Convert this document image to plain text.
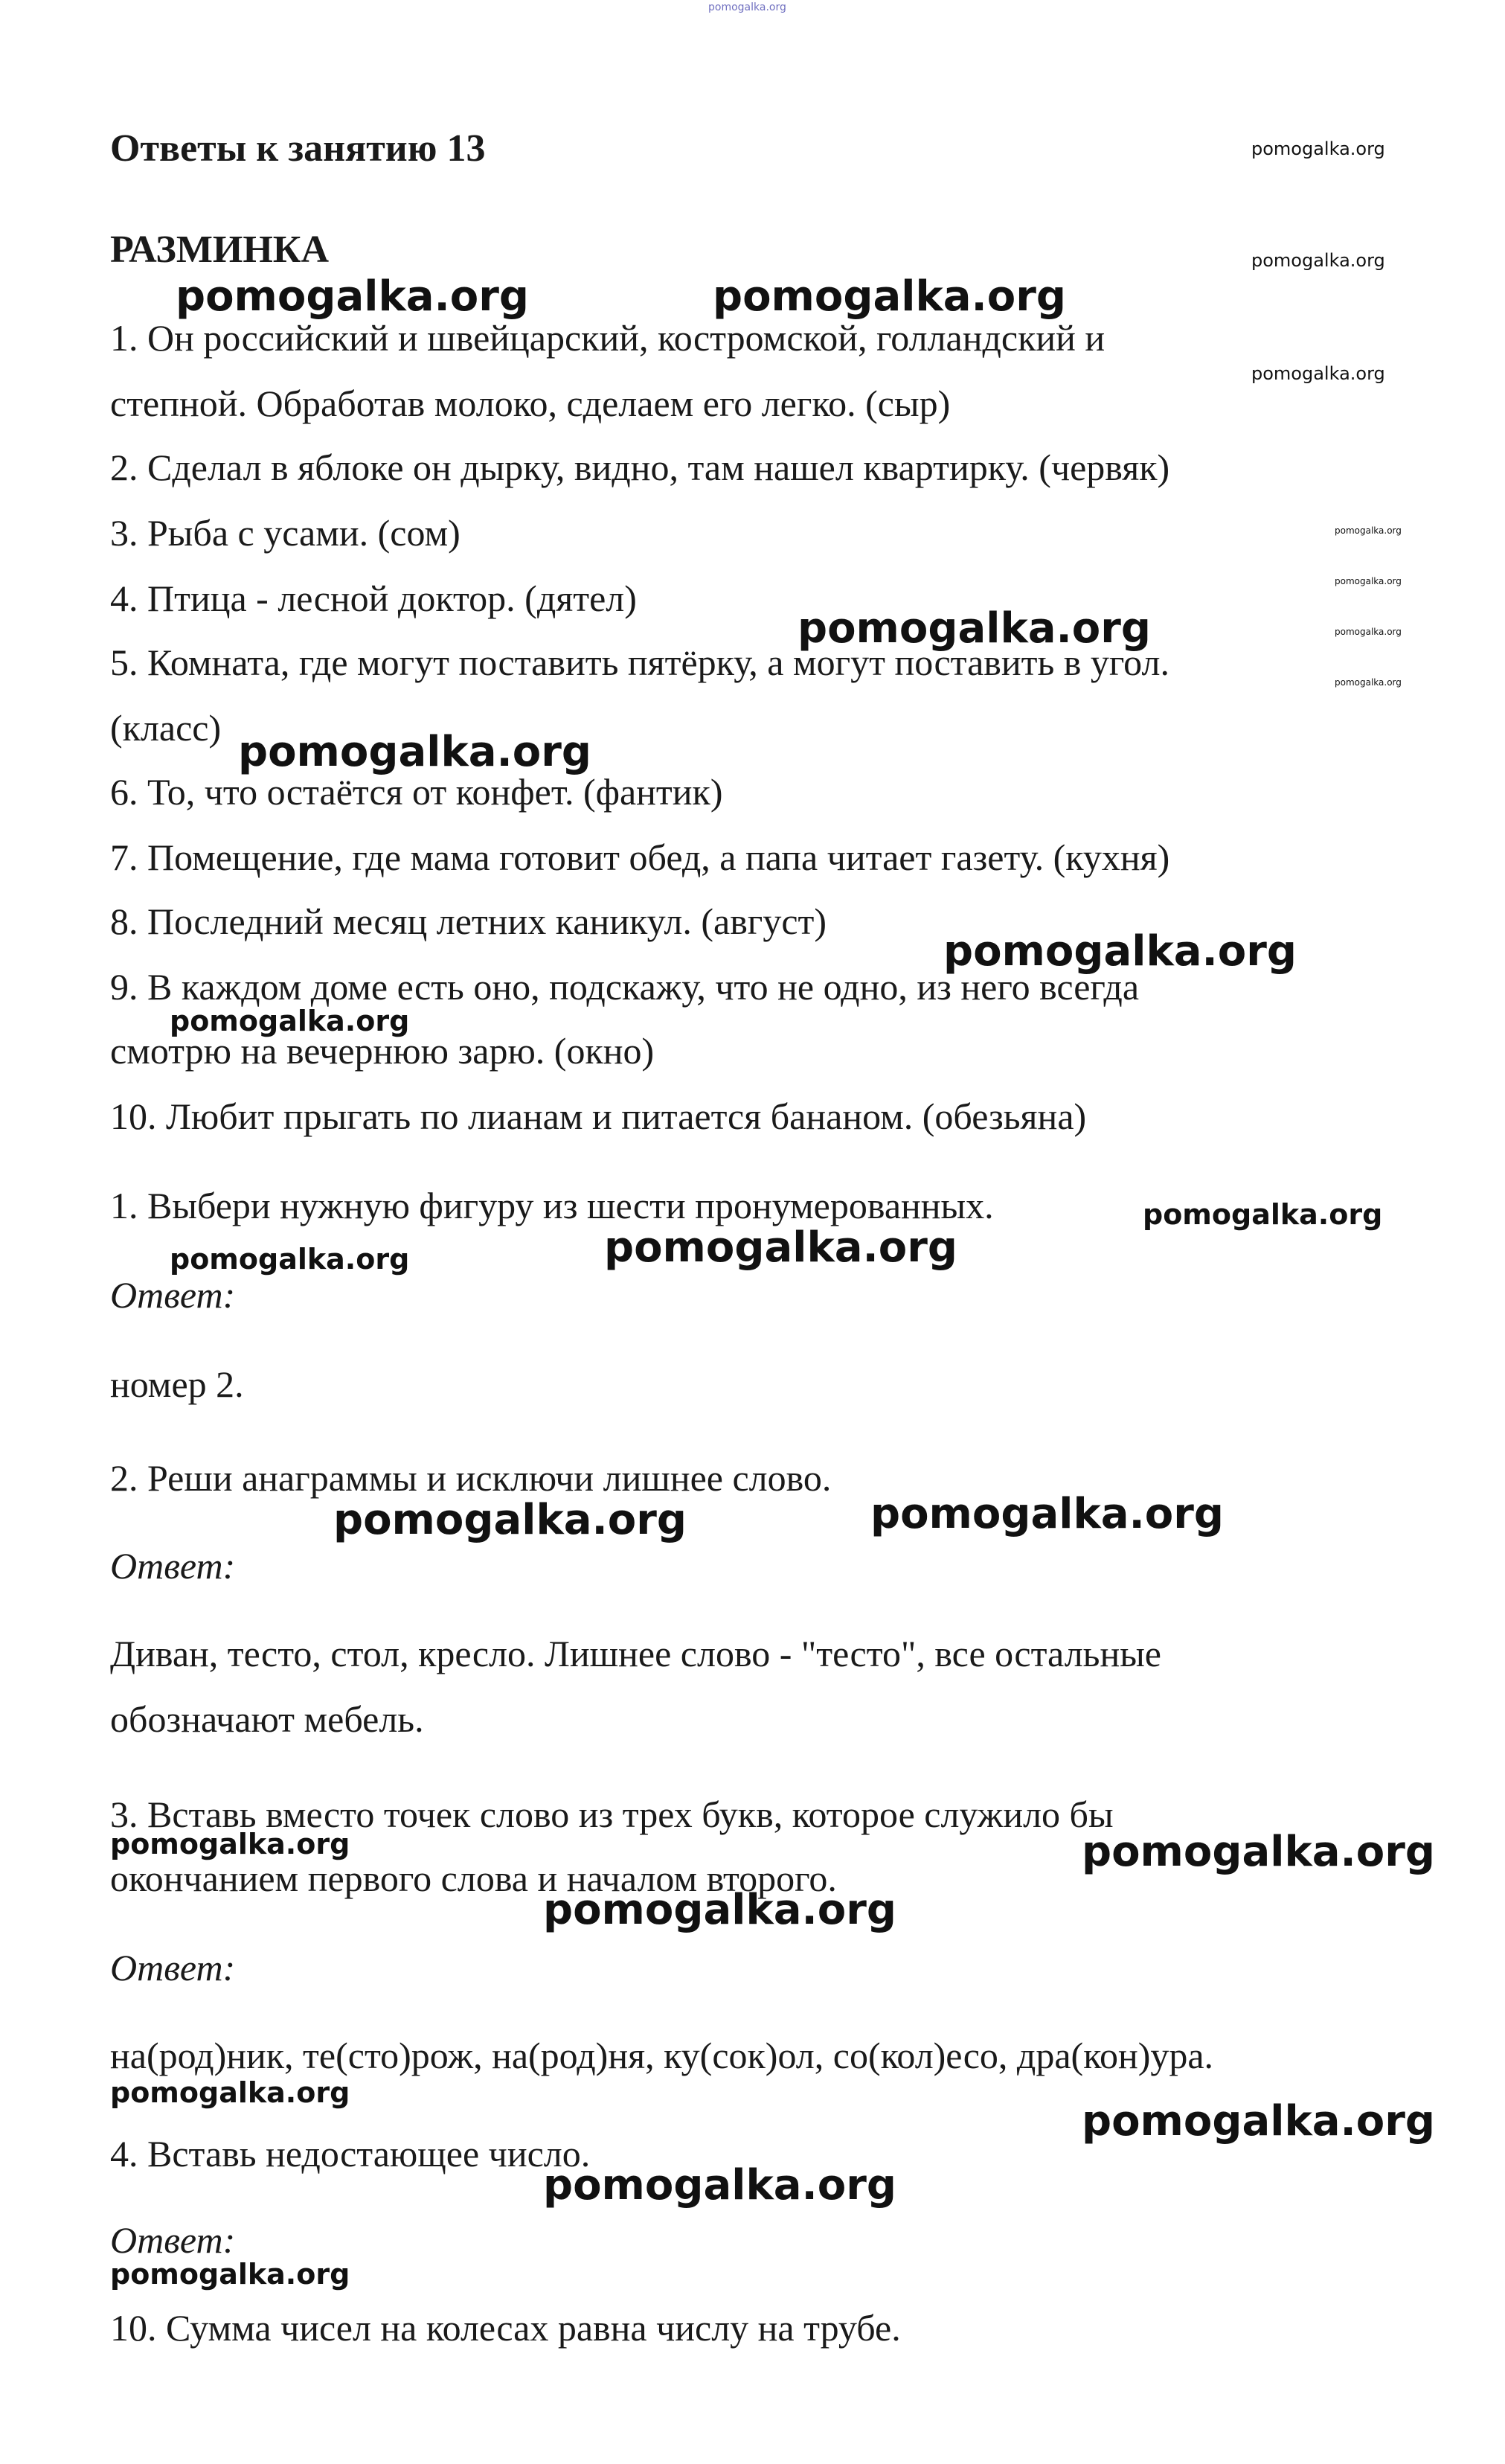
pomogalka.org
Ответы к занятию 13	pomogalka.org
РАЗМИНКА	pomogalka.org
pomogalka.org	pomogalka.org
1. Он российский и швейцарский, костромской, голландский и
pomogalka.org
степной. Обработав молоко, сделаем его легко. (сыр)
2. Сделал в яблоке он дырку, видно, там нашел квартирку. (червяк)
3. Рыба с усами. (сом)	pomogalka.org
pomogalka.org
4. Птица - лесной доктор. (дятел)
pomogalka.org	pomogalka.org
5. Комната, где могут поставить пятёрку, а могут поставить в угол.	pomogalka.org
(класс) pomogalka.org
6. То, что остаётся от конфет. (фантик)
7. Помещение, где мама готовит обед, а папа читает газету. (кухня)
8. Последний месяц летних каникул. (август)
pomogalka.org
9. В каждом доме есть оно, подскажу, что не одно, из него всегда
pomogalka.org
смотрю на вечернюю зарю. (окно)
10. Любит прыгать по лианам и питается бананом. (обезьяна)
1. Выбери нужную фигуру из шести пронумерованных.	pomogalka.org
pomogalka.org	pomogalka.org
Ответ:
номер 2.
2. Реши анаграммы и исключи лишнее слово.
pomogalka.org	pomogalka.org
Ответ:
Диван, тесто, стол, кресло. Лишнее слово - "тесто", все остальные
обозначают мебель.
3. Вставь вместо точек слово из трех букв, которое служило бы
pomogalka.org	pomogalka.org
окончанием первого слова и началом второго.
pomogalka.org
Ответ:
на(род)ник, те(сто)рож, на(род)ня, ку(сок)ол, со(кол)есо, дра(кон)ура.
pomogalka.org
pomogalka.org
4. Вставь недостающее число.
pomogalka.org
Ответ:
pomogalka.org
10. Сумма чисел на колесах равна числу на трубе.
